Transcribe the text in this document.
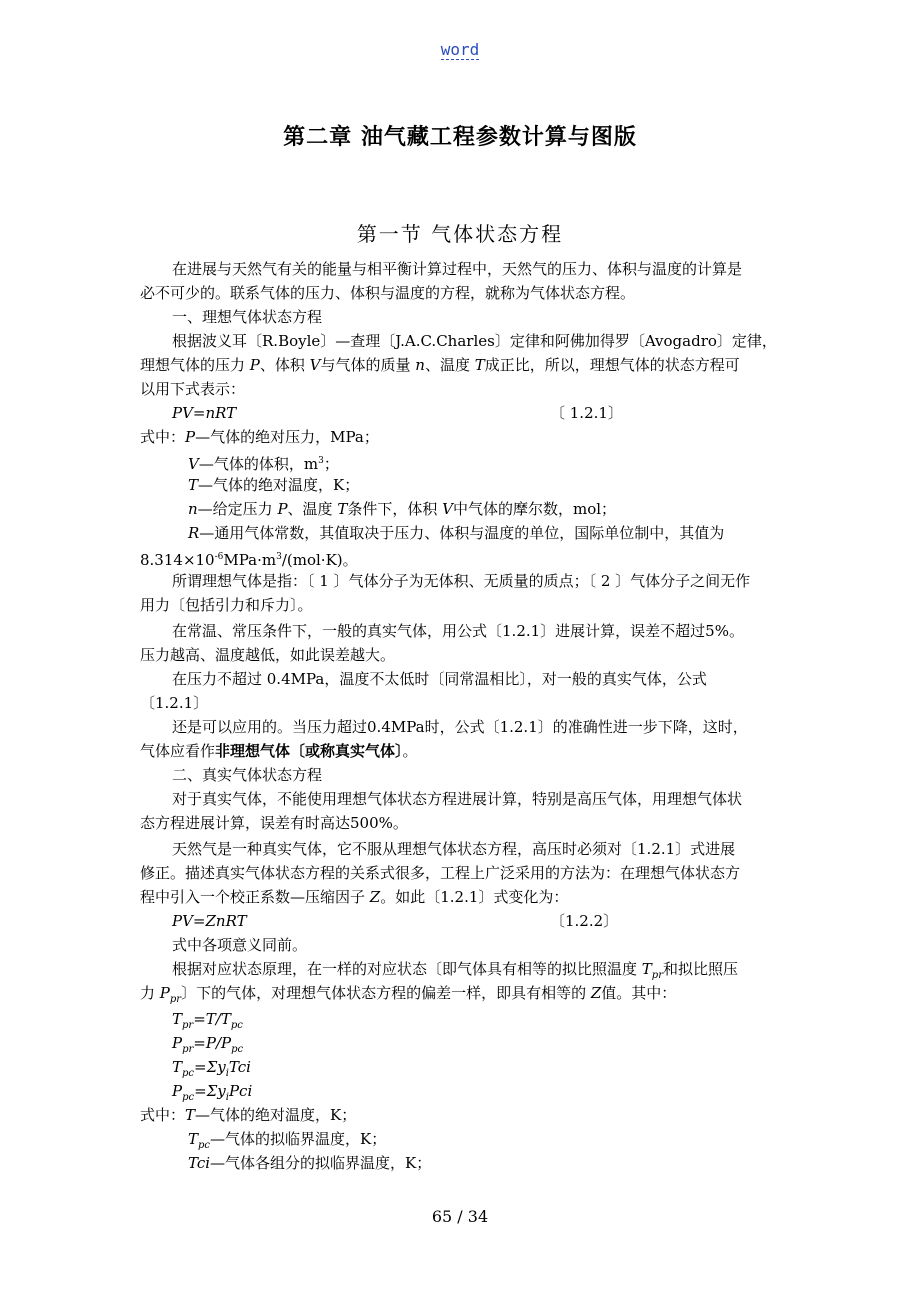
word
第二章 油气藏工程参数计算与图版
第一节 气体状态方程
在进展与天然气有关的能量与相平衡计算过程中，天然气的压力、体积与温度的计算是
必不可少的。联系气体的压力、体积与温度的方程，就称为气体状态方程。
一、理想气体状态方程
根据波义耳〔R.Boyle〕—查理〔J.A.C.Charles〕定律和阿佛加得罗〔Avogadro〕定律，
理想气体的压力 P、体积 V与气体的质量 n、温度 T成正比，所以，理想气体的状态方程可
以用下式表示：
PV=nRT	〔 1.2.1〕
式中：P—气体的绝对压力，MPa；
V—气体的体积，$m^3$；
T—气体的绝对温度，K；
n—给定压力 P、温度 T条件下，体积 V中气体的摩尔数，mol；
R—通用气体常数，其值取决于压力、体积与温度的单位，国际单位制中，其值为
$8.314\times 10^{-6}MPa\cdot m^3/(mol\cdot K)$。
所谓理想气体是指：〔 1 〕气体分子为无体积、无质量的质点；〔 2 〕气体分子之间无作
用力〔包括引力和斥力〕。
在常温、常压条件下，一般的真实气体，用公式〔1.2.1〕进展计算，误差不超过5%。
压力越高、温度越低，如此误差越大。
在压力不超过 0.4MPa，温度不太低时〔同常温相比〕，对一般的真实气体，公式
〔1.2.1〕
还是可以应用的。当压力超过0.4MPa时，公式〔1.2.1〕的准确性进一步下降，这时，
气体应看作非理想气体〔或称真实气体〕。
二、真实气体状态方程
对于真实气体，不能使用理想气体状态方程进展计算，特别是高压气体，用理想气体状
态方程进展计算，误差有时高达500%。
天然气是一种真实气体，它不服从理想气体状态方程，高压时必须对〔1.2.1〕式进展
修正。描述真实气体状态方程的关系式很多，工程上广泛采用的方法为：在理想气体状态方
程中引入一个校正系数—压缩因子 Z。如此〔1.2.1〕式变化为：
PV=ZnRT	〔1.2.2〕
式中各项意义同前。
根据对应状态原理，在一样的对应状态〔即气体具有相等的拟比照温度 $T_{pr}$和拟比照压
力 $P_{pr}$〕下的气体，对理想气体状态方程的偏差一样，即具有相等的 Z值。其中：
$T_{pr}=T/T_{pc}$
$P_{pr}=P/P_{pc}$
$T_{pc}=\Sigma y_iTci$
$P_{pc}=\Sigma y_iPci$
式中：T—气体的绝对温度，K；
$T_{pc}—$气体的拟临界温度，K；
Tci—气体各组分的拟临界温度，K；
65 / 34
